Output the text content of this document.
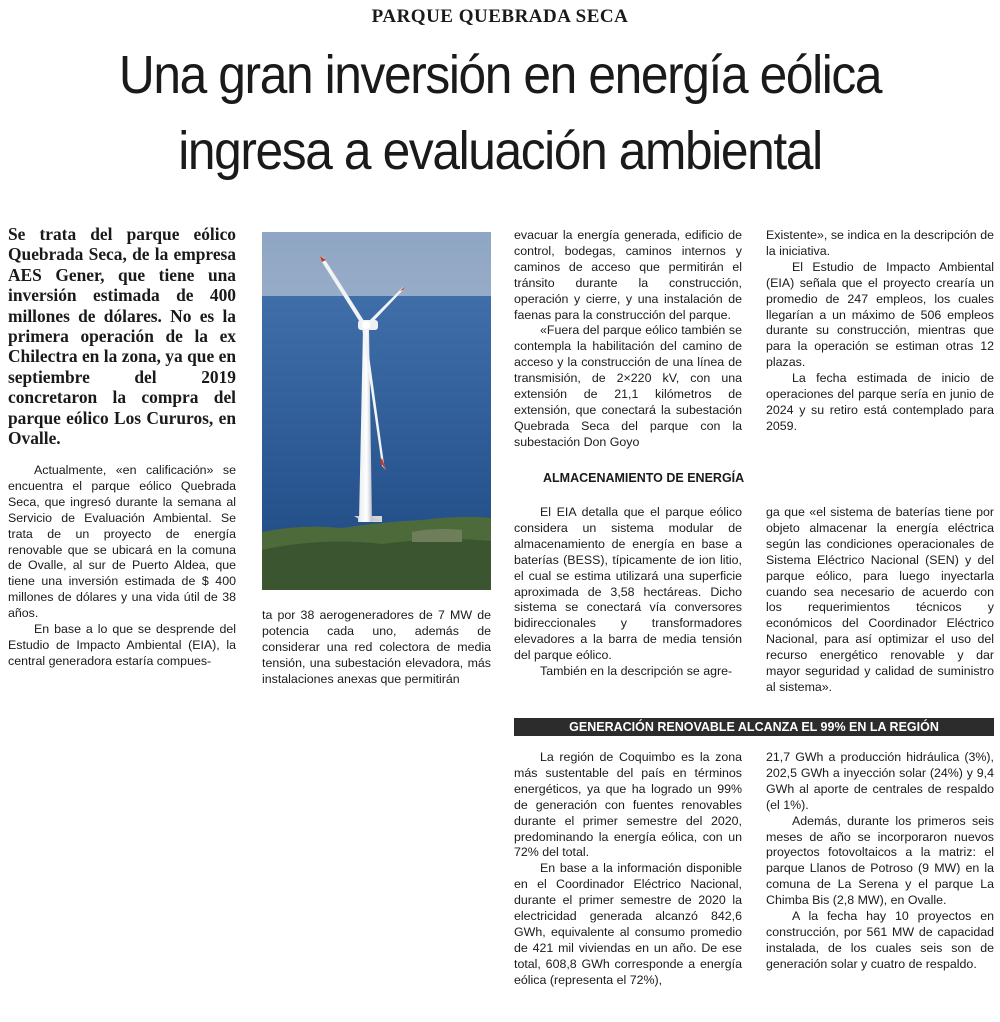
PARQUE QUEBRADA SECA
Una gran inversión en energía eólica
ingresa a evaluación ambiental
Se trata del parque eólico Quebrada Seca, de la empresa AES Gener, que tiene una inversión estimada de 400 millones de dólares. No es la primera operación de la ex Chilectra en la zona, ya que en septiembre del 2019 concretaron la compra del parque eólico Los Cururos, en Ovalle.

Actualmente, «en calificación» se encuentra el parque eólico Quebrada Seca, que ingresó durante la semana al Servicio de Evaluación Ambiental. Se trata de un proyecto de energía renovable que se ubicará en la comuna de Ovalle, al sur de Puerto Aldea, que tiene una inversión estimada de $ 400 millones de dólares y una vida útil de 38 años.

En base a lo que se desprende del Estudio de Impacto Ambiental (EIA), la central generadora estaría compues-

ta por 38 aerogeneradores de 7 MW de potencia cada uno, además de considerar una red colectora de media tensión, una subestación elevadora, más instalaciones anexas que permitirán

evacuar la energía generada, edificio de control, bodegas, caminos internos y caminos de acceso que permitirán el tránsito durante la construcción, operación y cierre, y una instalación de faenas para la construcción del parque.

«Fuera del parque eólico también se contempla la habilitación del camino de acceso y la construcción de una línea de transmisión, de 2×220 kV, con una extensión de 21,1 kilómetros de extensión, que conectará la subestación Quebrada Seca del parque con la subestación Don Goyo

Existente», se indica en la descripción de la iniciativa.

El Estudio de Impacto Ambiental (EIA) señala que el proyecto crearía un promedio de 247 empleos, los cuales llegarían a un máximo de 506 empleos durante su construcción, mientras que para la operación se estiman otras 12 plazas.

La fecha estimada de inicio de operaciones del parque sería en junio de 2024 y su retiro está contemplado para 2059.

ALMACENAMIENTO DE ENERGÍA

El EIA detalla que el parque eólico considera un sistema modular de almacenamiento de energía en base a baterías (BESS), típicamente de ion litio, el cual se estima utilizará una superficie aproximada de 3,58 hectáreas. Dicho sistema se conectará vía conversores bidireccionales y transformadores elevadores a la barra de media tensión del parque eólico.

También en la descripción se agre-

ga que «el sistema de baterías tiene por objeto almacenar la energía eléctrica según las condiciones operacionales de Sistema Eléctrico Nacional (SEN) y del parque eólico, para luego inyectarla cuando sea necesario de acuerdo con los requerimientos técnicos y económicos del Coordinador Eléctrico Nacional, para así optimizar el uso del recurso energético renovable y dar mayor seguridad y calidad de suministro al sistema».

GENERACIÓN RENOVABLE ALCANZA EL 99% EN LA REGIÓN

La región de Coquimbo es la zona más sustentable del país en términos energéticos, ya que ha logrado un 99% de generación con fuentes renovables durante el primer semestre del 2020, predominando la energía eólica, con un 72% del total.

En base a la información disponible en el Coordinador Eléctrico Nacional, durante el primer semestre de 2020 la electricidad generada alcanzó 842,6 GWh, equivalente al consumo promedio de 421 mil viviendas en un año. De ese total, 608,8 GWh corresponde a energía eólica (representa el 72%),

21,7 GWh a producción hidráulica (3%), 202,5 GWh a inyección solar (24%) y 9,4 GWh al aporte de centrales de respaldo (el 1%).

Además, durante los primeros seis meses de año se incorporaron nuevos proyectos fotovoltaicos a la matriz: el parque Llanos de Potroso (9 MW) en la comuna de La Serena y el parque La Chimba Bis (2,8 MW), en Ovalle.

A la fecha hay 10 proyectos en construcción, por 561 MW de capacidad instalada, de los cuales seis son de generación solar y cuatro de respaldo.
